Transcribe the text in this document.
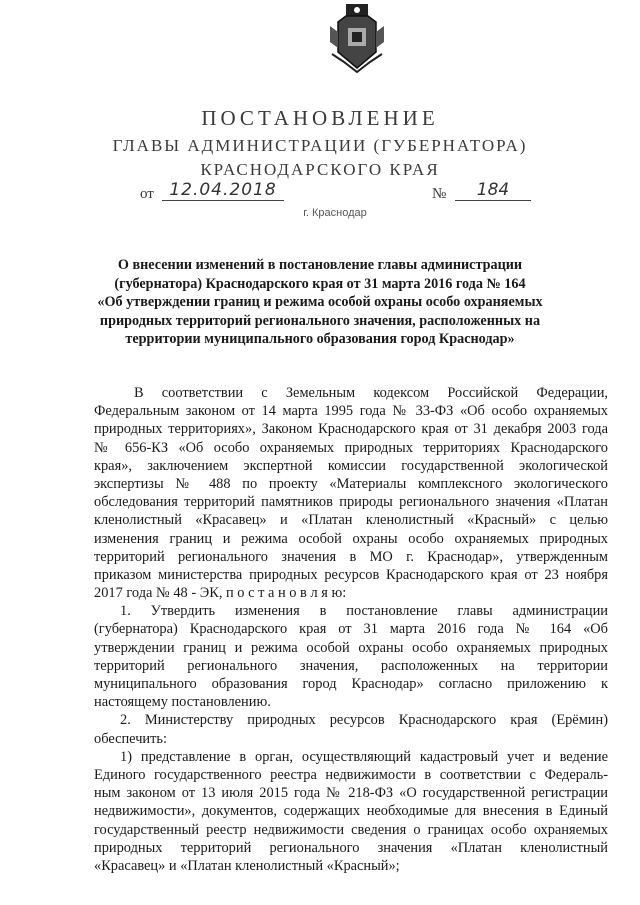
ПОСТАНОВЛЕНИЕ
ГЛАВЫ АДМИНИСТРАЦИИ (ГУБЕРНАТОРА)
КРАСНОДАРСКОГО КРАЯ
от 12.04.2018	№	184
г. Краснодар
О внесении изменений в постановление главы администрации
(губернатора) Краснодарского края от 31 марта 2016 года № 164
«Об утверждении границ и режима особой охраны особо охраняемых
природных территорий регионального значения, расположенных на
территории муниципального образования город Краснодар»
В соответствии с Земельным кодексом Российской Федерации,
Федеральным законом от 14 марта 1995 года № 33-ФЗ «Об особо охраняемых
природных территориях», Законом Краснодарского края от 31 декабря 2003 года
№ 656-КЗ «Об особо охраняемых природных территориях Краснодарского
края», заключением экспертной комиссии государственной экологической
экспертизы № 488 по проекту «Материалы комплексного экологического
обследования территорий памятников природы регионального значения «Платан
кленолистный «Красавец» и «Платан кленолистный «Красный» с целью
изменения границ и режима особой охраны особо охраняемых природных
территорий регионального значения в МО г. Краснодар», утвержденным
приказом министерства природных ресурсов Краснодарского края от 23 ноября
2017 года № 48 - ЭК, п о с т а н о в л я ю:
1. Утвердить изменения в постановление главы администрации
(губернатора) Краснодарского края от 31 марта 2016 года № 164 «Об
утверждении границ и режима особой охраны особо охраняемых природных
территорий регионального значения, расположенных на территории
муниципального образования город Краснодар» согласно приложению к
настоящему постановлению.
2. Министерству природных ресурсов Краснодарского края (Ерёмин)
обеспечить:
1) представление в орган, осуществляющий кадастровый учет и ведение
Единого государственного реестра недвижимости в соответствии с Федераль-
ным законом от 13 июля 2015 года № 218-ФЗ «О государственной регистрации
недвижимости», документов, содержащих необходимые для внесения в Единый
государственный реестр недвижимости сведения о границах особо охраняемых
природных территорий регионального значения «Платан кленолистный
«Красавец» и «Платан кленолистный «Красный»;
